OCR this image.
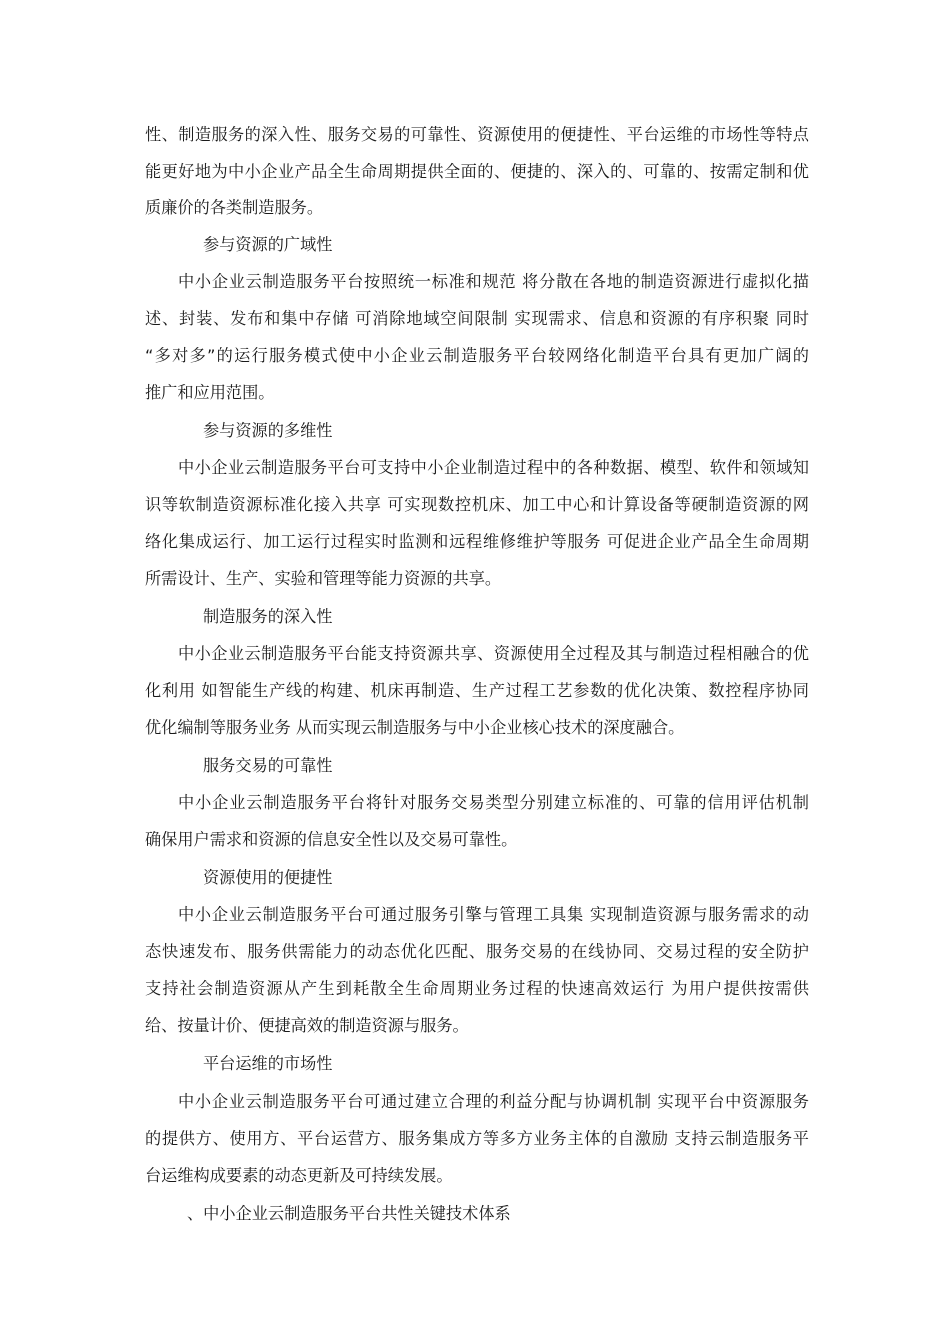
性、制造服务的深入性、服务交易的可靠性、资源使用的便捷性、平台运维的市场性等特点
能更好地为中小企业产品全生命周期提供全面的、便捷的、深入的、可靠的、按需定制和优
质廉价的各类制造服务。
参与资源的广域性
中小企业云制造服务平台按照统一标准和规范 将分散在各地的制造资源进行虚拟化描
述、封装、发布和集中存储 可消除地域空间限制 实现需求、信息和资源的有序积聚 同时
“多对多”的运行服务模式使中小企业云制造服务平台较网络化制造平台具有更加广阔的
推广和应用范围。
参与资源的多维性
中小企业云制造服务平台可支持中小企业制造过程中的各种数据、模型、软件和领域知
识等软制造资源标准化接入共享 可实现数控机床、加工中心和计算设备等硬制造资源的网
络化集成运行、加工运行过程实时监测和远程维修维护等服务 可促进企业产品全生命周期
所需设计、生产、实验和管理等能力资源的共享。
制造服务的深入性
中小企业云制造服务平台能支持资源共享、资源使用全过程及其与制造过程相融合的优
化利用 如智能生产线的构建、机床再制造、生产过程工艺参数的优化决策、数控程序协同
优化编制等服务业务 从而实现云制造服务与中小企业核心技术的深度融合。
服务交易的可靠性
中小企业云制造服务平台将针对服务交易类型分别建立标准的、可靠的信用评估机制
确保用户需求和资源的信息安全性以及交易可靠性。
资源使用的便捷性
中小企业云制造服务平台可通过服务引擎与管理工具集 实现制造资源与服务需求的动
态快速发布、服务供需能力的动态优化匹配、服务交易的在线协同、交易过程的安全防护
支持社会制造资源从产生到耗散全生命周期业务过程的快速高效运行 为用户提供按需供
给、按量计价、便捷高效的制造资源与服务。
平台运维的市场性
中小企业云制造服务平台可通过建立合理的利益分配与协调机制 实现平台中资源服务
的提供方、使用方、平台运营方、服务集成方等多方业务主体的自激励 支持云制造服务平
台运维构成要素的动态更新及可持续发展。
、中小企业云制造服务平台共性关键技术体系
